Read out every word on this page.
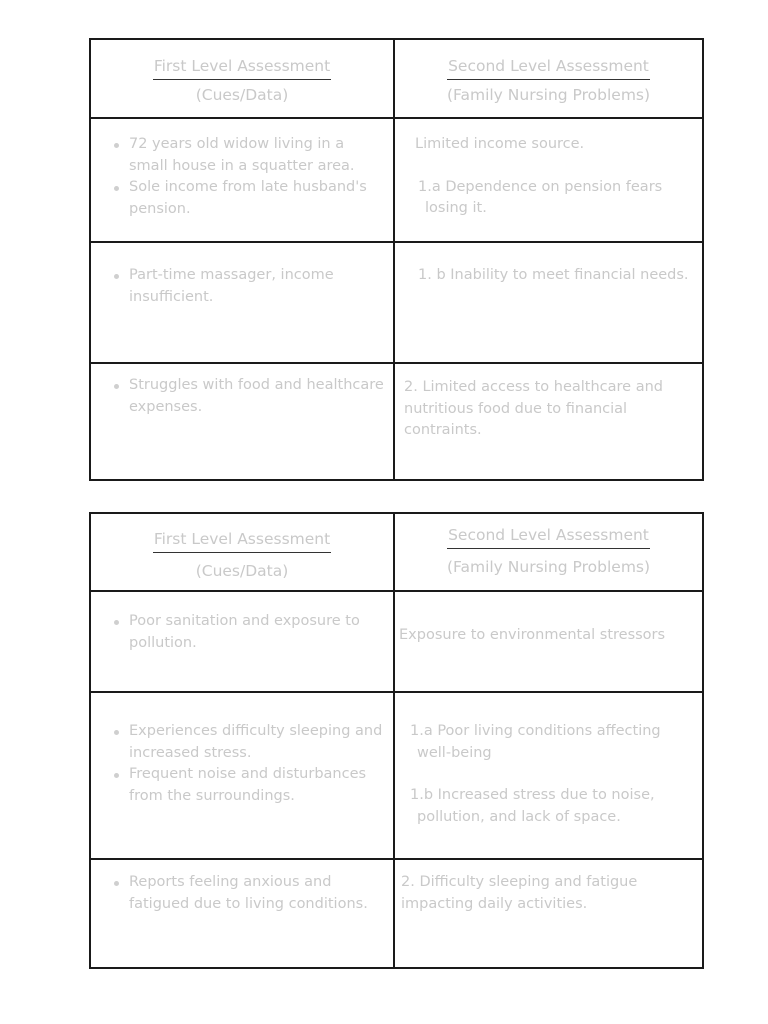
First Level Assessment
(Cues/Data)
Second Level Assessment
(Family Nursing Problems)
72 years old widow living in a small house in a squatter area.
Sole income from late husband's pension.

Limited income source.

1.a Dependence on pension fears losing it.

Part-time massager, income insufficient.

1. b Inability to meet financial needs.

Struggles with food and healthcare expenses.

2. Limited access to healthcare and nutritious food due to financial contraints.

First Level Assessment
(Cues/Data)
Second Level Assessment
(Family Nursing Problems)
Poor sanitation and exposure to pollution.	Exposure to environmental stressors

Experiences difficulty sleeping and increased stress.
Frequent noise and disturbances from the surroundings.

1.a Poor living conditions affecting well-being

1.b Increased stress due to noise, pollution, and lack of space.

Reports feeling anxious and fatigued due to living conditions.

2. Difficulty sleeping and fatigue impacting daily activities.
